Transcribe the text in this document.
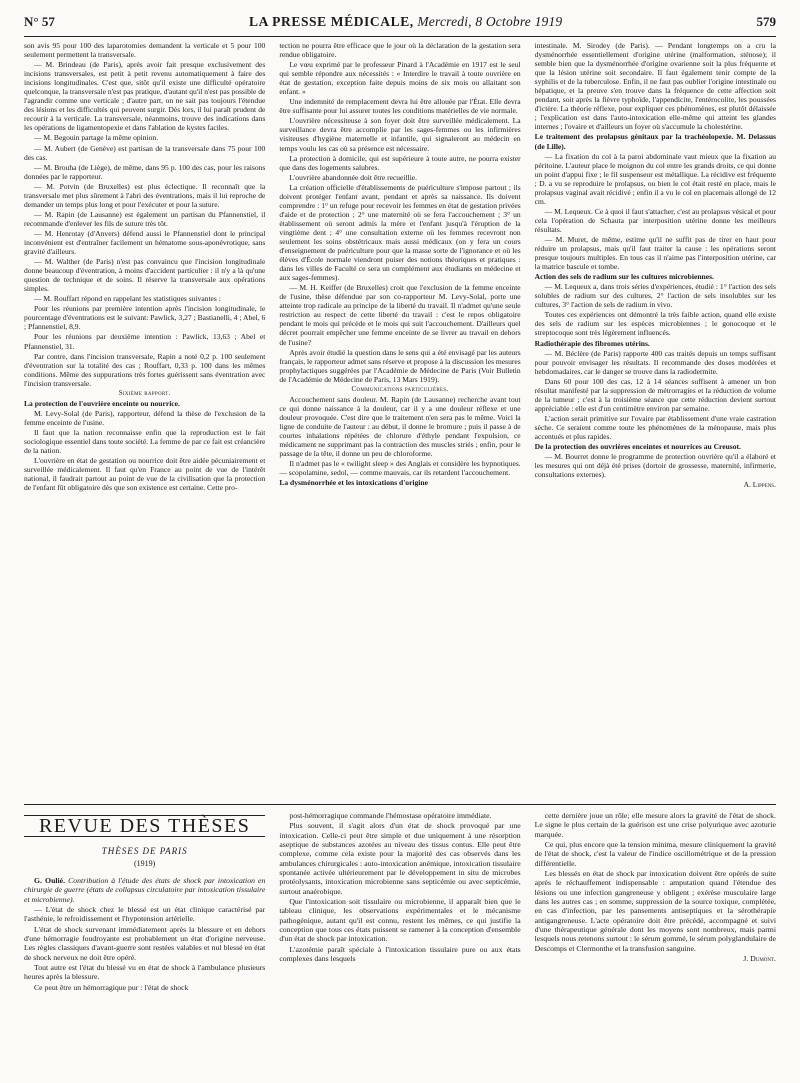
N° 57	LA PRESSE MÉDICALE, Mercredi, 8 Octobre 1919	579

son avis 95 pour 100 des laparotomies demandent la verticale et 5 pour 100 seulement permettent la transversale.

— M. Brindeau (de Paris), après avoir fait presque exclusivement des incisions transversales, est petit à petit revenu automatiquement à faire des incisions longitudinales. C'est que, sitôt qu'il existe une difficulté opératoire quelconque, la transversale n'est pas pratique, d'autant qu'il n'est pas possible de l'agrandir comme une verticale ; d'autre part, on ne sait pas toujours l'étendue des lésions et les difficultés qui peuvent surgir. Dès lors, il lui paraît prudent de recourir à la verticale. La transversale, néanmoins, trouve des indications dans les opérations de ligamentopexie et dans l'ablation de kystes faciles.

— M. Begouin partage la même opinion.

— M. Aubert (de Genève) est partisan de la transversale dans 75 pour 100 des cas.

— M. Brouha (de Liège), de même, dans 95 p. 100 des cas, pour les raisons données par le rapporteur.

— M. Potvin (de Bruxelles) est plus éclectique. Il reconnaît que la transversale met plus sûrement à l'abri des éventrations, mais il lui reproche de demander un temps plus long et pour l'exécuter et pour la suture.

— M. Rapin (de Lausanne) est également un partisan du Pfannenstiel, il recommande d'enlever les fils de suture très tôt.

— M. Henrotay (d'Anvers) défend aussi le Pfannenstiel dont le principal inconvénient est d'entraîner facilement un hématome sous-aponévrotique, sans gravité d'ailleurs.

— M. Walther (de Paris) n'est pas convaincu que l'incision longitudinale donne beaucoup d'éventration, à moins d'accident particulier : il n'y a là qu'une question de technique et de soins. Il réserve la transversale aux opérations simples.

— M. Rouffart répond en rappelant les statistiques suivantes :

Pour les réunions par première intention après l'incision longitudinale, le pourcentage d'éventrations est le suivant: Pawlick, 3,27 ; Bastianelli, 4 ; Abel, 6 ; Pfannenstiel, 8,9.

Pour les réunions par deuxième intention : Pawlick, 13,63 ; Abel et Pfannenstiel, 31.

Par contre, dans l'incision transversale, Rapin a noté 0,2 p. 100 seulement d'éventration sur la totalité des cas ; Rouffart, 0,33 p. 100 dans les mêmes conditions. Même des suppurations très fortes guérissent sans éventration avec l'incision transversale.

Sixième rapport.

La protection de l'ouvrière enceinte ou nourrice.

M. Levy-Solal (de Paris), rapporteur, défend la thèse de l'exclusion de la femme enceinte de l'usine.

Il faut que la nation reconnaisse enfin que la reproduction est le fait sociologique essentiel dans toute société. La femme de par ce fait est créancière de la nation.

L'ouvrière en état de gestation ou nourrice doit être aidée pécuniairement et surveillée médicalement. Il faut qu'en France au point de vue de l'intérêt national, il faudrait partout au point de vue de la civilisation que la protection de l'enfant fût obligatoire dès que son existence est certaine. Cette pro-

tection ne pourra être efficace que le jour où la déclaration de la gestation sera rendue obligatoire.

Le vœu exprimé par le professeur Pinard à l'Académie en 1917 est le seul qui semble répondre aux nécessités : « Interdire le travail à toute ouvrière en état de gestation, exception faite depuis moins de six mois ou allaitant son enfant. »

Une indemnité de remplacement devra lui être allouée par l'État. Elle devra être suffisante pour lui assurer toutes les conditions matérielles de vie normale.

L'ouvrière nécessiteuse à son foyer doit être surveillée médicalement. La surveillance devra être accomplie par les sages-femmes ou les infirmières visiteuses d'hygiène maternelle et infantile, qui signaleront au médecin en temps voulu les cas où sa présence est nécessaire.

La protection à domicile, qui est supérieure à toute autre, ne pourra exister que dans des logements salubres.

L'ouvrière abandonnée doit être recueillie.

La création officielle d'établissements de puériculture s'impose partout ; ils doivent protéger l'enfant avant, pendant et après sa naissance. Ils doivent comprendre : 1° un refuge pour recevoir les femmes en état de gestation privées d'aide et de protection ; 2° une maternité où se fera l'accouchement ; 3° un établissement où seront admis la mère et l'enfant jusqu'à l'éruption de la vingtième dent ; 4° une consultation externe où les femmes recevront non seulement les soins obstétricaux mais aussi médicaux (on y fera un cours d'enseignement de puériculture pour que la masse sorte de l'ignorance et où les élèves d'École normale viendront puiser des notions théoriques et pratiques : dans les villes de Faculté ce sera un complément aux étudiants en médecine et aux sages-femmes).

— M. H. Keiffer (de Bruxelles) croit que l'exclusion de la femme enceinte de l'usine, thèse défendue par son co-rapporteur M. Levy-Solal, porte une atteinte trop radicale au principe de la liberté du travail. Il n'admet qu'une seule restriction au respect de cette liberté du travail : c'est le repos obligatoire pendant le mois qui précède et le mois qui suit l'accouchement. D'ailleurs quel décret pourrait empêcher une femme enceinte de se livrer au travail en dehors de l'usine?

Après avoir étudié la question dans le sens qui a été envisagé par les auteurs français, le rapporteur admet sans réserve et propose à la discussion les mesures prophylactiques suggérées par l'Académie de Médecine de Paris (Voir Bulletin de l'Académie de Médecine de Paris, 13 Mars 1919).

Communications particulières.

Accouchement sans douleur. M. Rapin (de Lausanne) recherche avant tout ce qui donne naissance à la douleur, car il y a une douleur réflexe et une douleur provoquée. C'est dire que le traitement n'en sera pas le même. Voici la ligne de conduite de l'auteur : au début, il donne le bromure ; puis il passe à de courtes inhalations répétées de chlorure d'éthyle pendant l'expulsion, ce médicament ne supprimant pas la contraction des muscles striés ; enfin, pour le passage de la tête, il donne un peu de chloroforme.

Il n'admet pas le « twilight sleep » des Anglais et considère les hypnotiques. — scopolamine, sedol, — comme mauvais, car ils retardent l'accouchement.

La dysménorrhée et les intoxications d'origine

intestinale. M. Sirodey (de Paris). — Pendant longtemps on a cru la dysménorrhée essentiellement d'origine utérine (malformation, sténose); il semble bien que la dysménorrhée d'origine ovarienne soit la plus fréquente et que la lésion utérine soit secondaire. Il faut également tenir compte de la syphilis et de la tuberculose. Enfin, il ne faut pas oublier l'origine intestinale ou hépatique, et la preuve s'en trouve dans la fréquence de cette affection soit pendant, soit après la fièvre typhoïde, l'appendicite, l'entérocolite, les poussées d'ictère. La théorie réflexe, pour expliquer ces phénomènes, est plutôt délaissée ; l'explication est dans l'auto-intoxication elle-même qui atteint les glandes internes ; l'ovaire et d'ailleurs un foyer où s'accumule la cholestérine.

Le traitement des prolapsus génitaux par la trachéolopexie. M. Delassus (de Lille).

— La fixation du col à la paroi abdominale vaut mieux que la fixation au péritoine. L'auteur place le moignon du col entre les grands droits, ce qui donne un point d'appui fixe ; le fil suspenseur est métallique. La récidive est fréquente ; D. a vu se reproduire le prolapsus, ou bien le col était resté en place, mais le prolapsus vaginal avait récidivé ; enfin il a vu le col en placemais allongé de 12 cm.

— M. Lequeux. Ce à quoi il faut s'attacher, c'est au prolapsus vésical et pour cela l'opération de Schauta par interposition utérine donne les meilleurs résultats.

— M. Muret, de même, estime qu'il ne suffit pas de tirer en haut pour réduire un prolapsus, mais qu'il faut traiter la cause : les opérations seront presque toujours multiples. En tous cas il n'aime pas l'interposition utérine, car la matrice bascule et tombe.

Action des sels de radium sur les cultures microbiennes.

— M. Lequeux a, dans trois séries d'expériences, étudié : 1° l'action des sels solubles de radium sur des cultures, 2° l'action de sels insolubles sur les cultures, 3° l'action de sels de radium in vivo.

Toutes ces expériences ont démontré la très faible action, quand elle existe des sels de radium sur les espèces microbiennes ; le gonocoque et le streptocoque sont très légèrement influencés.

Radiothérapie des fibromes utérins.

— M. Béclère (de Paris) rapporte 400 cas traités depuis un temps suffisant pour pouvoir envisager les résultats. Il recommande des doses modérées et hebdomadaires, car le danger se trouve dans la radiodermite.

Dans 60 pour 100 des cas, 12 à 14 séances suffisent à amener un bon résultat manifesté par la suppression de métrorragies et la réduction de volume de la tumeur ; c'est à la troisième séance que cette réduction devient surtout appréciable : elle est d'un centimètre environ par semaine.

L'action serait primitive sur l'ovaire par établissement d'une vraie castration sèche. Ce seraient comme toute les phénomènes de la ménopause, mais plus accentués et plus rapides.

De la protection des ouvrières enceintes et nourrices au Creusot.

— M. Bourret donne le programme de protection ouvrière qu'il a élaboré et les mesures qui ont déjà été prises (dortoir de grossesse, maternité, infirmerie, consultations externes).

A. Lippens.

REVUE DES THÈSES
THÈSES DE PARIS
(1919)

G. Oulié. Contribution à l'étude des états de shock par intoxication en chirurgie de guerre (états de collapsus circulatoire par intoxication tissulaire et microbienne).

— L'état de shock chez le blessé est un état clinique caractérisé par l'asthénie, le refroidissement et l'hypotension artérielle.

L'état de shock survenant immédiatement après la blessure et en dehors d'une hémorragie foudroyante est probablement un état d'origine nerveuse. Les règles classiques d'avant-guerre sont restées valables et nul blessé en état de shock nerveux ne doit être opéré.

Tout autre est l'état du blessé vu en état de shock à l'ambulance plusieurs heures après la blessure.

Ce peut être un hémorragique pur : l'état de shock

post-hémorragique commande l'hémostase opératoire immédiate.

Plus souvent, il s'agit alors d'un état de shock provoqué par une intoxication. Celle-ci peut être simple et due uniquement à une résorption aseptique de substances azotées au niveau des tissus contus. Elle peut être complexe, comme cela existe pour la majorité des cas observés dans les ambulances chirurgicales : auto-intoxication anémique, intoxication tissulaire spontanée activée ultérieurement par le développement in situ de microbes protéolysants, intoxication microbienne sans septicémie ou avec septicémie, surtout anaérobique.

Que l'intoxication soit tissulaire ou microbienne, il apparaît bien que le tableau clinique, les observations expérimentales et le mécanisme pathogénique, autant qu'il est connu, restent les mêmes, ce qui justifie la conception que tous ces états puissent se ramener à la conception d'ensemble d'un état de shock par intoxication.

L'azotémie paraît spéciale à l'intoxication tissulaire pure ou aux états complexes dans lesquels

cette dernière joue un rôle; elle mesure alors la gravité de l'état de shock. Le signe le plus certain de la guérison est une crise polyurique avec azoturie marquée.

Ce qui, plus encore que la tension minima, mesure cliniquement la gravité de l'état de shock, c'est la valeur de l'indice oscillométrique et de la pression différentielle.

Les blessés en état de shock par intoxication doivent être opérés de suite après le réchauffement indispensable : amputation quand l'étendue des lésions ou une infection gangreneuse y obligent ; exérèse musculaire large dans les autres cas ; en somme, suppression de la source toxique, complétée, en cas d'infection, par les pansements antiseptiques et la sérothérapie antigangreneuse. L'acte opératoire doit être précédé, accompagné et suivi d'une thérapeutique générale dont les moyens sont nombreux, mais parmi lesquels nous retenons surtout : le sérum gommé, le sérum polyglandulaire de Descomps et Clermonthe et la transfusion sanguine.

J. Dumont.
